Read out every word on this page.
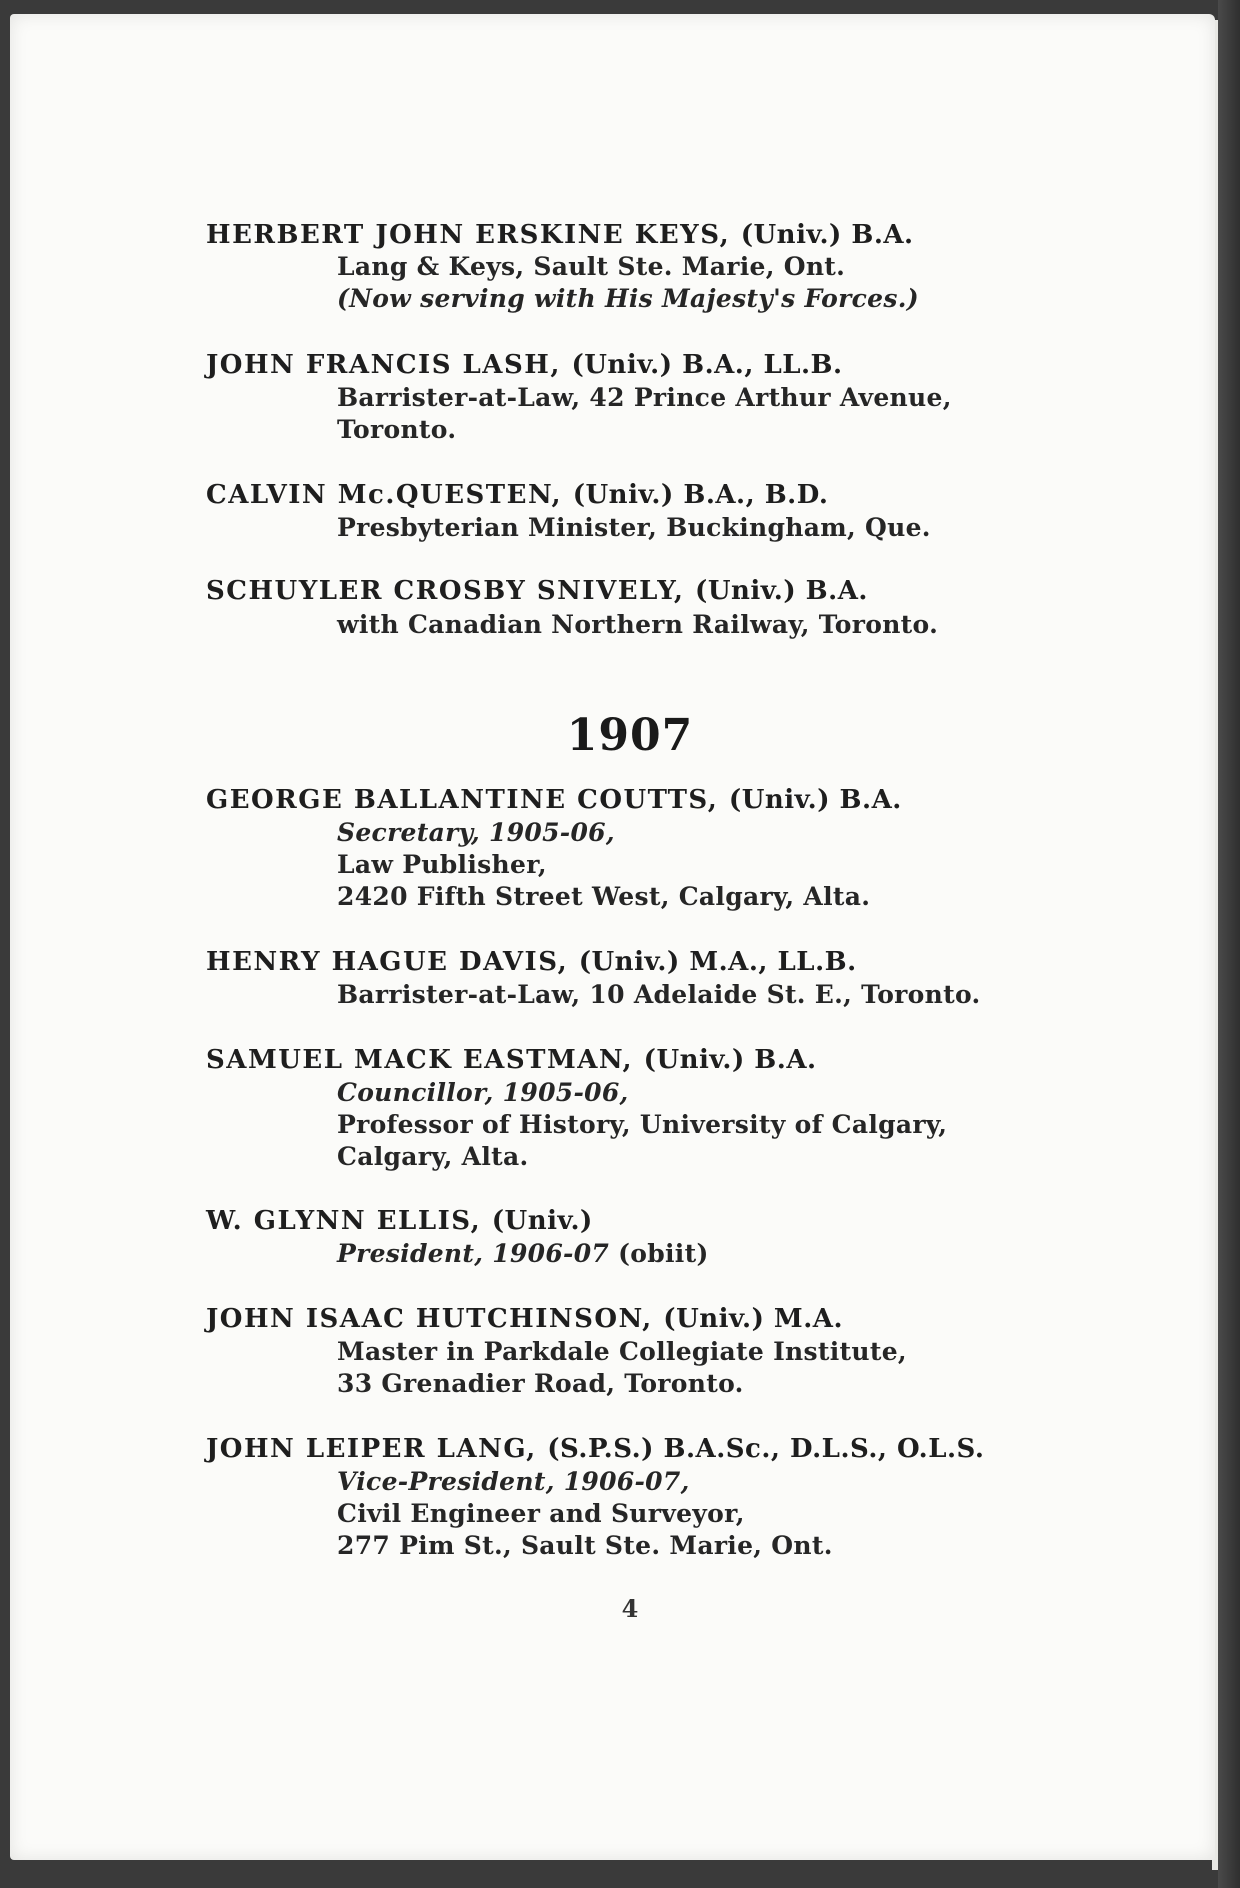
1907
4
HERBERT JOHN ERSKINE KEYS, (Univ.) B.A.
Lang & Keys, Sault Ste. Marie, Ont.
(Now serving with His Majesty's Forces.)
JOHN FRANCIS LASH, (Univ.) B.A., LL.B.
Barrister-at-Law, 42 Prince Arthur Avenue,
Toronto.
CALVIN Mc.QUESTEN, (Univ.) B.A., B.D.
Presbyterian Minister, Buckingham, Que.
SCHUYLER CROSBY SNIVELY, (Univ.) B.A.
with Canadian Northern Railway, Toronto.
GEORGE BALLANTINE COUTTS, (Univ.) B.A.
Secretary, 1905-06,
Law Publisher,
2420 Fifth Street West, Calgary, Alta.
HENRY HAGUE DAVIS, (Univ.) M.A., LL.B.
Barrister-at-Law, 10 Adelaide St. E., Toronto.
SAMUEL MACK EASTMAN, (Univ.) B.A.
Councillor, 1905-06,
Professor of History, University of Calgary,
Calgary, Alta.
W. GLYNN ELLIS, (Univ.)
President, 1906-07 (obiit)
JOHN ISAAC HUTCHINSON, (Univ.) M.A.
Master in Parkdale Collegiate Institute,
33 Grenadier Road, Toronto.
JOHN LEIPER LANG, (S.P.S.) B.A.Sc., D.L.S., O.L.S.
Vice-President, 1906-07,
Civil Engineer and Surveyor,
277 Pim St., Sault Ste. Marie, Ont.
